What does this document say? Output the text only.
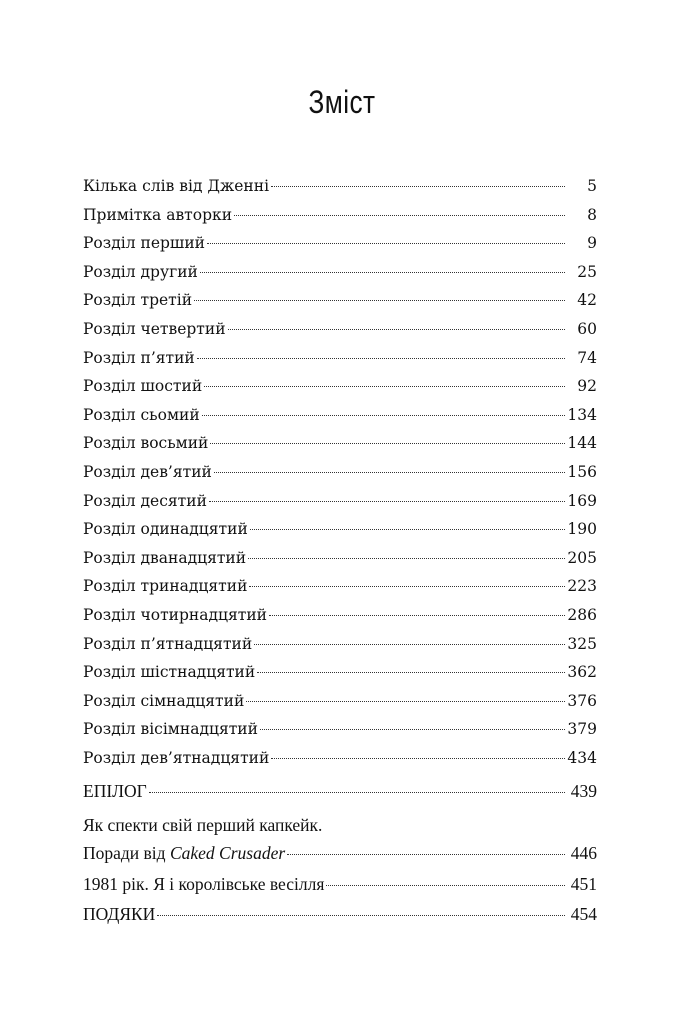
Зміст
Кілька слів від Дженні	5
Примітка авторки	8
Розділ перший	9
Розділ другий	25
Розділ третій	42
Розділ четвертий	60
Розділ п’ятий	74
Розділ шостий	92
Розділ сьомий	134
Розділ восьмий	144
Розділ дев’ятий	156
Розділ десятий	169
Розділ одинадцятий	190
Розділ дванадцятий	205
Розділ тринадцятий	223
Розділ чотирнадцятий	286
Розділ п’ятнадцятий	325
Розділ шістнадцятий	362
Розділ сімнадцятий	376
Розділ вісімнадцятий	379
Розділ дев’ятнадцятий	434
ЕПІЛОГ	439
Як спекти свій перший капкейк.
Поради від Caked Crusader	446
1981 рік. Я і королівське весілля	451
ПОДЯКИ	454
